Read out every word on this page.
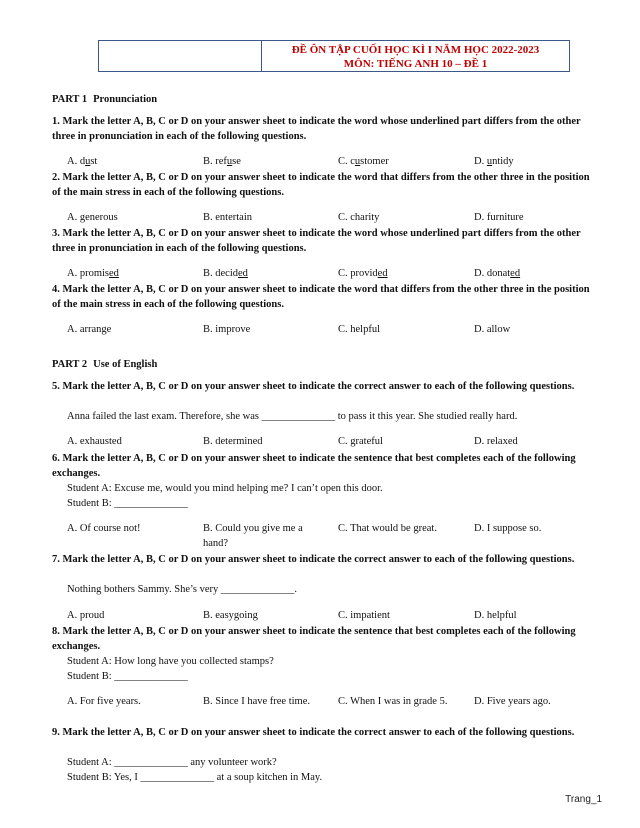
ĐỀ ÔN TẬP CUỐI HỌC KÌ I NĂM HỌC 2022-2023
MÔN: TIẾNG ANH 10 – ĐỀ 1
PART 1 Pronunciation
1. Mark the letter A, B, C or D on your answer sheet to indicate the word whose underlined part differs from the other three in pronunciation in each of the following questions.
A. dust	B. refuse	C. customer	D. untidy
2. Mark the letter A, B, C or D on your answer sheet to indicate the word that differs from the other three in the position of the main stress in each of the following questions.
A. generous	B. entertain	C. charity	D. furniture
3. Mark the letter A, B, C or D on your answer sheet to indicate the word whose underlined part differs from the other three in pronunciation in each of the following questions.
A. promised	B. decided	C. provided	D. donated
4. Mark the letter A, B, C or D on your answer sheet to indicate the word that differs from the other three in the position of the main stress in each of the following questions.
A. arrange	B. improve	C. helpful	D. allow
PART 2 Use of English
5. Mark the letter A, B, C or D on your answer sheet to indicate the correct answer to each of the following questions.
Anna failed the last exam. Therefore, she was ______________ to pass it this year. She studied really hard.
A. exhausted	B. determined	C. grateful	D. relaxed
6. Mark the letter A, B, C or D on your answer sheet to indicate the sentence that best completes each of the following exchanges.
Student A: Excuse me, would you mind helping me? I can’t open this door.
Student B: ______________
A. Of course not!	B. Could you give me a hand?
C. That would be great.	D. I suppose so.
7. Mark the letter A, B, C or D on your answer sheet to indicate the correct answer to each of the following questions.
Nothing bothers Sammy. She’s very ______________.
A. proud	B. easygoing	C. impatient	D. helpful
8. Mark the letter A, B, C or D on your answer sheet to indicate the sentence that best completes each of the following exchanges.
Student A: How long have you collected stamps?
Student B: ______________
A. For five years.	B. Since I have free time.	C. When I was in grade 5.	D. Five years ago.
9. Mark the letter A, B, C or D on your answer sheet to indicate the correct answer to each of the following questions.
Student A: ______________ any volunteer work?
Student B: Yes, I ______________ at a soup kitchen in May.
Trang_1
